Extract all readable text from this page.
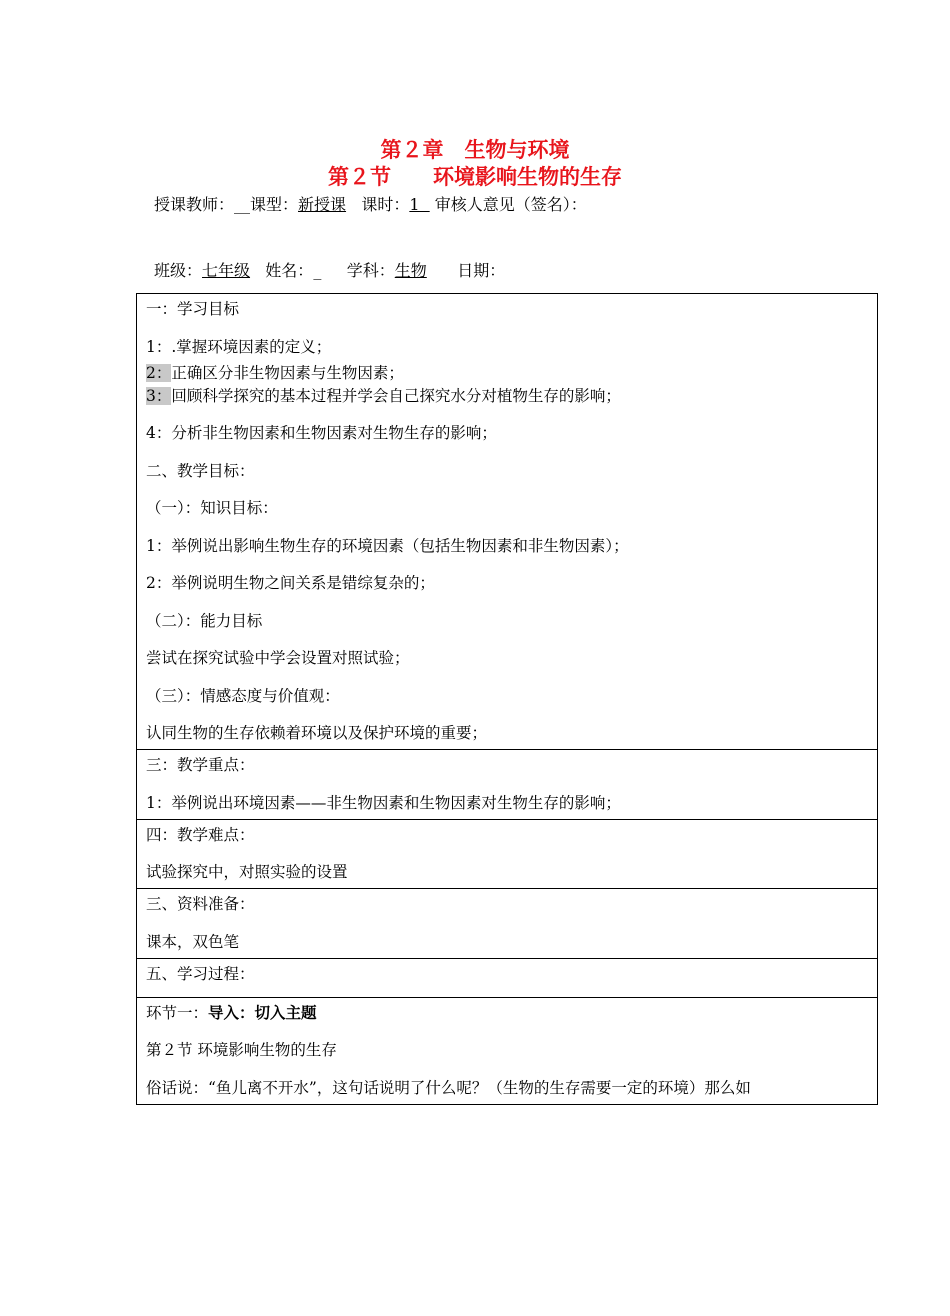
第２章　生物与环境
第２节　　环境影响生物的生存
授课教师：__课型：新授课 课时：1 审核人意见（签名）：
班级：七年级 姓名：_ 学科：生物 日期：

一：学习目标

1：.掌握环境因素的定义；

2：正确区分非生物因素与生物因素；

3：回顾科学探究的基本过程并学会自己探究水分对植物生存的影响；

4：分析非生物因素和生物因素对生物生存的影响；

二、教学目标：

（一）：知识目标：

1：举例说出影响生物生存的环境因素（包括生物因素和非生物因素）；

2：举例说明生物之间关系是错综复杂的；

（二）：能力目标

尝试在探究试验中学会设置对照试验；

（三）：情感态度与价值观：

认同生物的生存依赖着环境以及保护环境的重要；

三：教学重点：

1：举例说出环境因素——非生物因素和生物因素对生物生存的影响；

四：教学难点：

试验探究中，对照实验的设置

三、资料准备：

课本，双色笔

五、学习过程：

环节一：导入：切入主题

第２节 环境影响生物的生存

俗话说：“鱼儿离不开水”，这句话说明了什么呢？（生物的生存需要一定的环境）那么如
